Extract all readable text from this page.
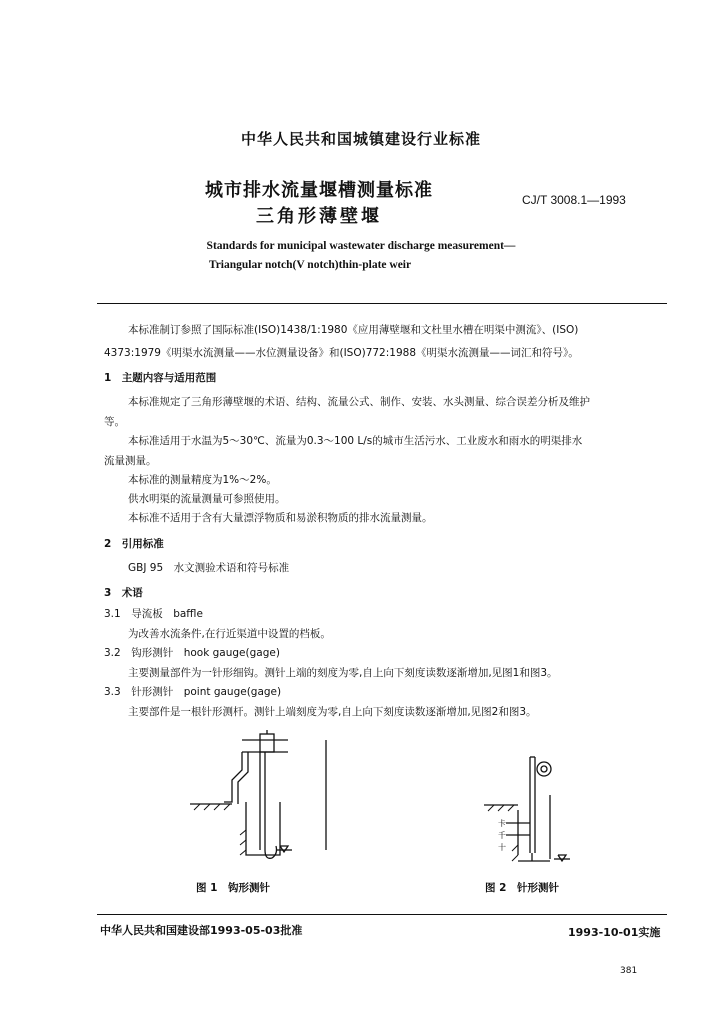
中华人民共和国城镇建设行业标准
城市排水流量堰槽测量标准
三角形薄壁堰
CJ/T 3008.1—1993
Standards for municipal wastewater discharge measurement—
Triangular notch(V notch)thin-plate weir
本标准制订参照了国际标准(ISO)1438/1:1980《应用薄壁堰和文杜里水槽在明渠中测流》、(ISO)
4373:1979《明渠水流测量——水位测量设备》和(ISO)772:1988《明渠水流测量——词汇和符号》。
1　主题内容与适用范围
本标准规定了三角形薄壁堰的术语、结构、流量公式、制作、安装、水头测量、综合误差分析及维护
等。
本标准适用于水温为5～30℃、流量为0.3～100 L/s的城市生活污水、工业废水和雨水的明渠排水
流量测量。
本标准的测量精度为1%～2%。
供水明渠的流量测量可参照使用。
本标准不适用于含有大量漂浮物质和易淤积物质的排水流量测量。
2　引用标准
GBJ 95　水文测验术语和符号标准
3　术语
3.1　导流板　baffle
为改善水流条件,在行近渠道中设置的档板。
3.2　钩形测针　hook gauge(gage)
主要测量部件为一针形细钩。测针上端的刻度为零,自上向下刻度读数逐渐增加,见图1和图3。
3.3　针形测针　point gauge(gage)
主要部件是一根针形测杆。测针上端刻度为零,自上向下刻度读数逐渐增加,见图2和图3。
卡
千
十
图 1　钩形测针	图 2　针形测针
中华人民共和国建设部1993-05-03批准	1993-10-01实施
381
